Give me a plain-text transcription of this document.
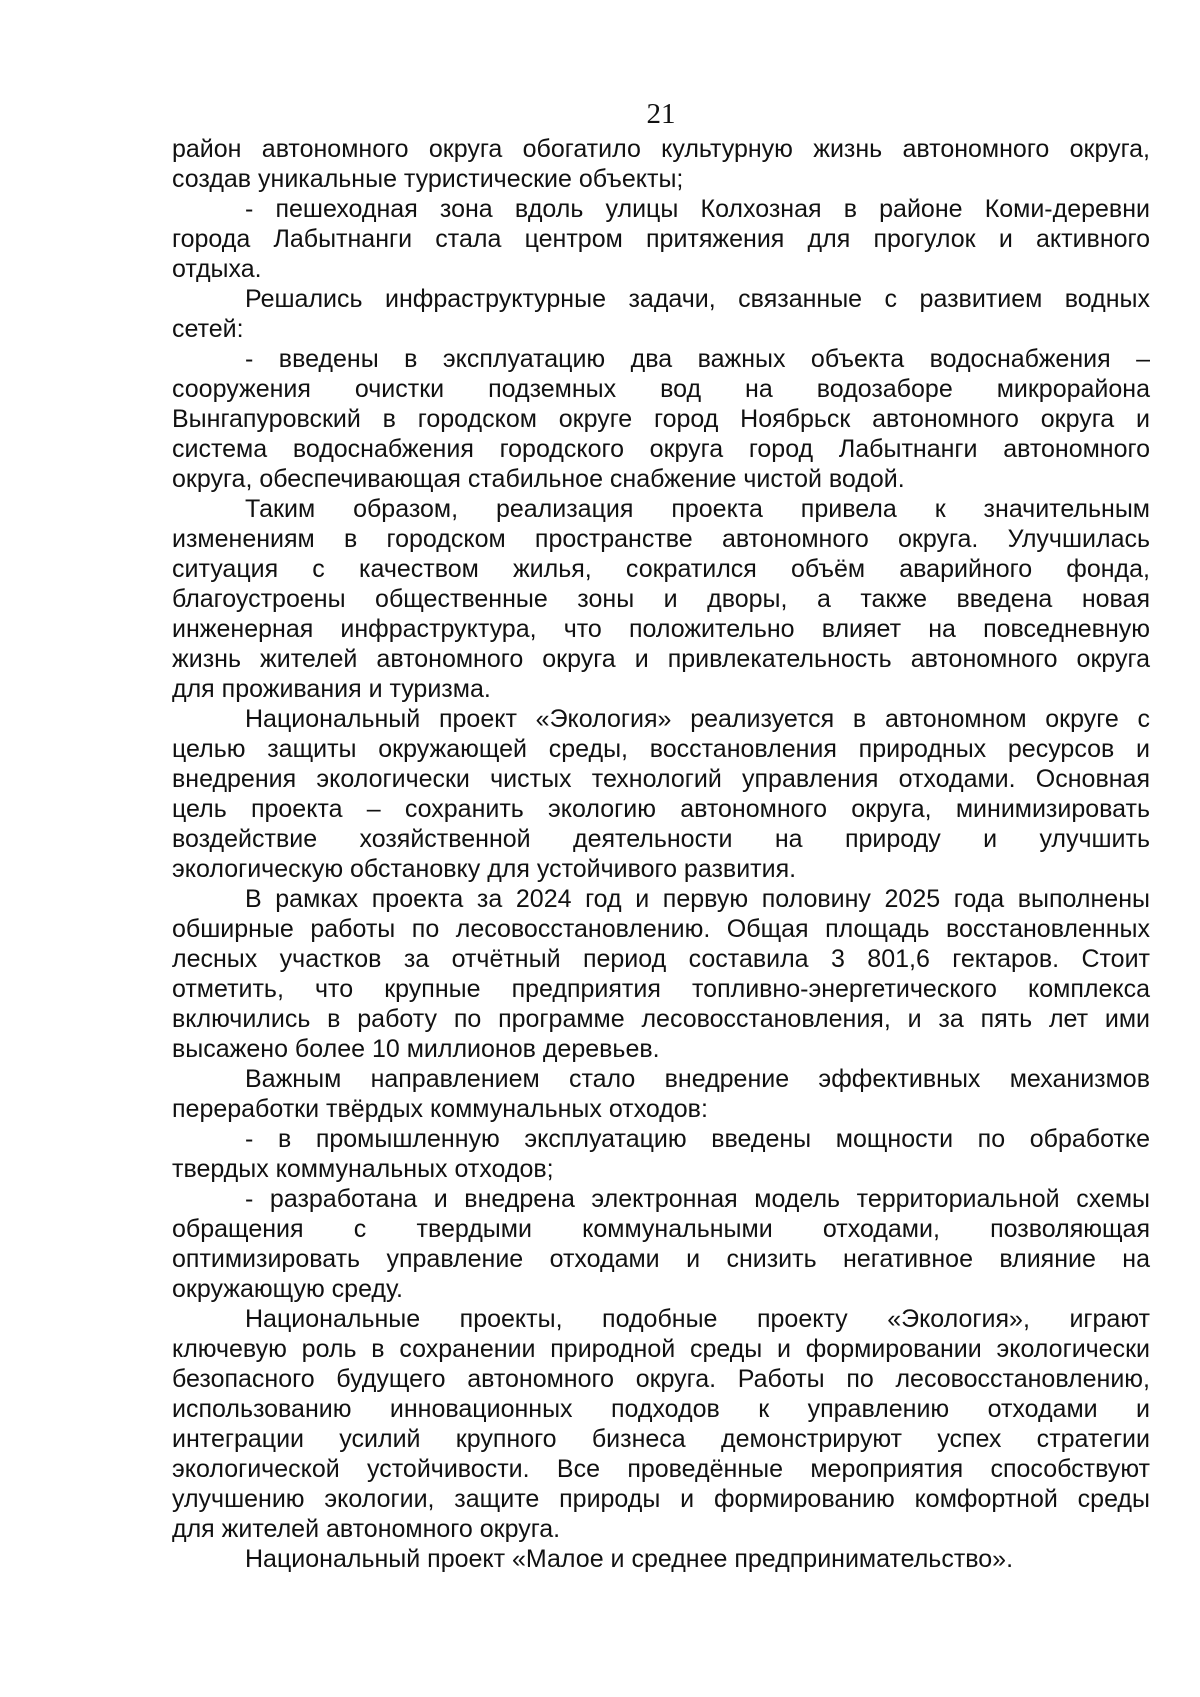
21
район автономного округа обогатило культурную жизнь автономного округа,
создав уникальные туристические объекты;
- пешеходная зона вдоль улицы Колхозная в районе Коми-деревни
города Лабытнанги стала центром притяжения для прогулок и активного
отдыха.
Решались инфраструктурные задачи, связанные с развитием водных
сетей:
- введены в эксплуатацию два важных объекта водоснабжения –
сооружения очистки подземных вод на водозаборе микрорайона
Вынгапуровский в городском округе город Ноябрьск автономного округа и
система водоснабжения городского округа город Лабытнанги автономного
округа, обеспечивающая стабильное снабжение чистой водой.
Таким образом, реализация проекта привела к значительным
изменениям в городском пространстве автономного округа. Улучшилась
ситуация с качеством жилья, сократился объём аварийного фонда,
благоустроены общественные зоны и дворы, а также введена новая
инженерная инфраструктура, что положительно влияет на повседневную
жизнь жителей автономного округа и привлекательность автономного округа
для проживания и туризма.
Национальный проект «Экология» реализуется в автономном округе с
целью защиты окружающей среды, восстановления природных ресурсов и
внедрения экологически чистых технологий управления отходами. Основная
цель проекта – сохранить экологию автономного округа, минимизировать
воздействие хозяйственной деятельности на природу и улучшить
экологическую обстановку для устойчивого развития.
В рамках проекта за 2024 год и первую половину 2025 года выполнены
обширные работы по лесовосстановлению. Общая площадь восстановленных
лесных участков за отчётный период составила 3 801,6 гектаров. Стоит
отметить, что крупные предприятия топливно-энергетического комплекса
включились в работу по программе лесовосстановления, и за пять лет ими
высажено более 10 миллионов деревьев.
Важным направлением стало внедрение эффективных механизмов
переработки твёрдых коммунальных отходов:
- в промышленную эксплуатацию введены мощности по обработке
твердых коммунальных отходов;
- разработана и внедрена электронная модель территориальной схемы
обращения с твердыми коммунальными отходами, позволяющая
оптимизировать управление отходами и снизить негативное влияние на
окружающую среду.
Национальные проекты, подобные проекту «Экология», играют
ключевую роль в сохранении природной среды и формировании экологически
безопасного будущего автономного округа. Работы по лесовосстановлению,
использованию инновационных подходов к управлению отходами и
интеграции усилий крупного бизнеса демонстрируют успех стратегии
экологической устойчивости. Все проведённые мероприятия способствуют
улучшению экологии, защите природы и формированию комфортной среды
для жителей автономного округа.
Национальный проект «Малое и среднее предпринимательство».
